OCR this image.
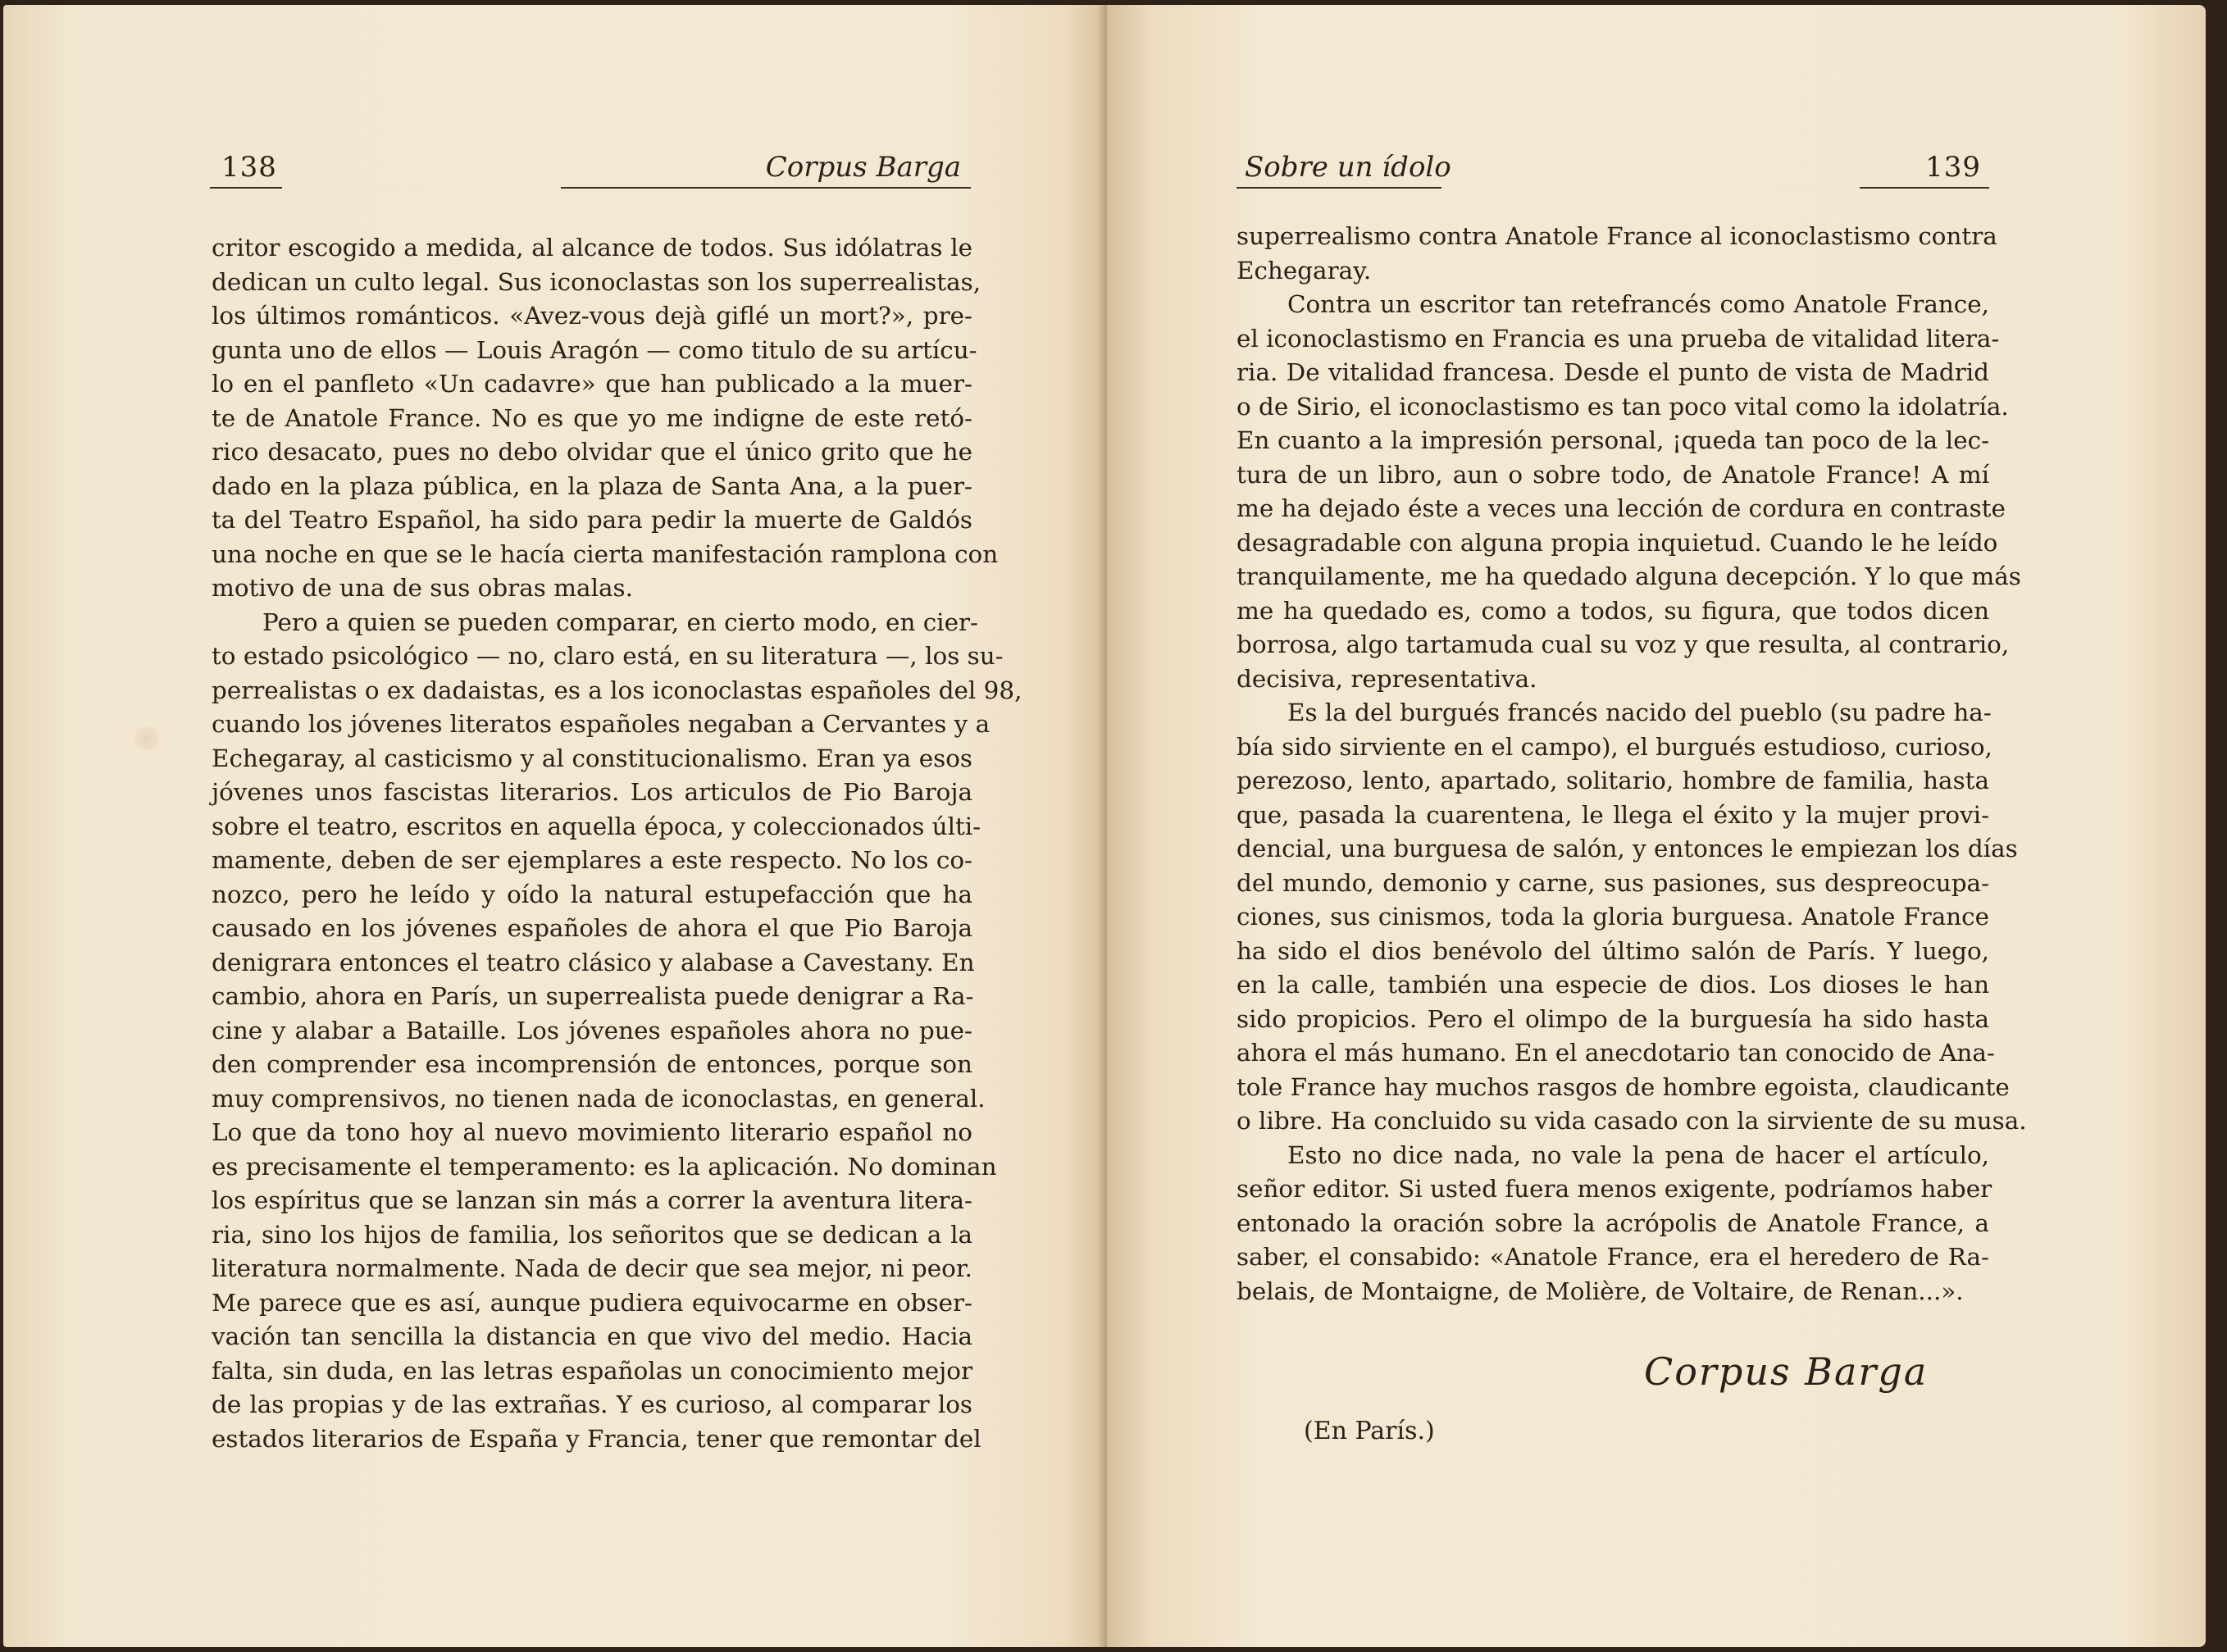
138	Corpus Barga
critor escogido a medida, al alcance de todos. Sus idólatras le
dedican un culto legal. Sus iconoclastas son los superrealistas,
los últimos románticos. «Avez-vous dejà giflé un mort?», pre-
gunta uno de ellos — Louis Aragón — como titulo de su artícu-
lo en el panfleto «Un cadavre» que han publicado a la muer-
te de Anatole France. No es que yo me indigne de este retó-
rico desacato, pues no debo olvidar que el único grito que he
dado en la plaza pública, en la plaza de Santa Ana, a la puer-
ta del Teatro Español, ha sido para pedir la muerte de Galdós
una noche en que se le hacía cierta manifestación ramplona con
motivo de una de sus obras malas.
Pero a quien se pueden comparar, en cierto modo, en cier-
to estado psicológico — no, claro está, en su literatura —, los su-
perrealistas o ex dadaistas, es a los iconoclastas españoles del 98,
cuando los jóvenes literatos españoles negaban a Cervantes y a
Echegaray, al casticismo y al constitucionalismo. Eran ya esos
jóvenes unos fascistas literarios. Los articulos de Pio Baroja
sobre el teatro, escritos en aquella época, y coleccionados últi-
mamente, deben de ser ejemplares a este respecto. No los co-
nozco, pero he leído y oído la natural estupefacción que ha
causado en los jóvenes españoles de ahora el que Pio Baroja
denigrara entonces el teatro clásico y alabase a Cavestany. En
cambio, ahora en París, un superrealista puede denigrar a Ra-
cine y alabar a Bataille. Los jóvenes españoles ahora no pue-
den comprender esa incomprensión de entonces, porque son
muy comprensivos, no tienen nada de iconoclastas, en general.
Lo que da tono hoy al nuevo movimiento literario español no
es precisamente el temperamento: es la aplicación. No dominan
los espíritus que se lanzan sin más a correr la aventura litera-
ria, sino los hijos de familia, los señoritos que se dedican a la
literatura normalmente. Nada de decir que sea mejor, ni peor.
Me parece que es así, aunque pudiera equivocarme en obser-
vación tan sencilla la distancia en que vivo del medio. Hacia
falta, sin duda, en las letras españolas un conocimiento mejor
de las propias y de las extrañas. Y es curioso, al comparar los
estados literarios de España y Francia, tener que remontar del
Sobre un ídolo	139
superrealismo contra Anatole France al iconoclastismo contra
Echegaray.
Contra un escritor tan retefrancés como Anatole France,
el iconoclastismo en Francia es una prueba de vitalidad litera-
ria. De vitalidad francesa. Desde el punto de vista de Madrid
o de Sirio, el iconoclastismo es tan poco vital como la idolatría.
En cuanto a la impresión personal, ¡queda tan poco de la lec-
tura de un libro, aun o sobre todo, de Anatole France! A mí
me ha dejado éste a veces una lección de cordura en contraste
desagradable con alguna propia inquietud. Cuando le he leído
tranquilamente, me ha quedado alguna decepción. Y lo que más
me ha quedado es, como a todos, su figura, que todos dicen
borrosa, algo tartamuda cual su voz y que resulta, al contrario,
decisiva, representativa.
Es la del burgués francés nacido del pueblo (su padre ha-
bía sido sirviente en el campo), el burgués estudioso, curioso,
perezoso, lento, apartado, solitario, hombre de familia, hasta
que, pasada la cuarentena, le llega el éxito y la mujer provi-
dencial, una burguesa de salón, y entonces le empiezan los días
del mundo, demonio y carne, sus pasiones, sus despreocupa-
ciones, sus cinismos, toda la gloria burguesa. Anatole France
ha sido el dios benévolo del último salón de París. Y luego,
en la calle, también una especie de dios. Los dioses le han
sido propicios. Pero el olimpo de la burguesía ha sido hasta
ahora el más humano. En el anecdotario tan conocido de Ana-
tole France hay muchos rasgos de hombre egoista, claudicante
o libre. Ha concluido su vida casado con la sirviente de su musa.
Esto no dice nada, no vale la pena de hacer el artículo,
señor editor. Si usted fuera menos exigente, podríamos haber
entonado la oración sobre la acrópolis de Anatole France, a
saber, el consabido: «Anatole France, era el heredero de Ra-
belais, de Montaigne, de Molière, de Voltaire, de Renan...».
Corpus Barga
(En París.)
